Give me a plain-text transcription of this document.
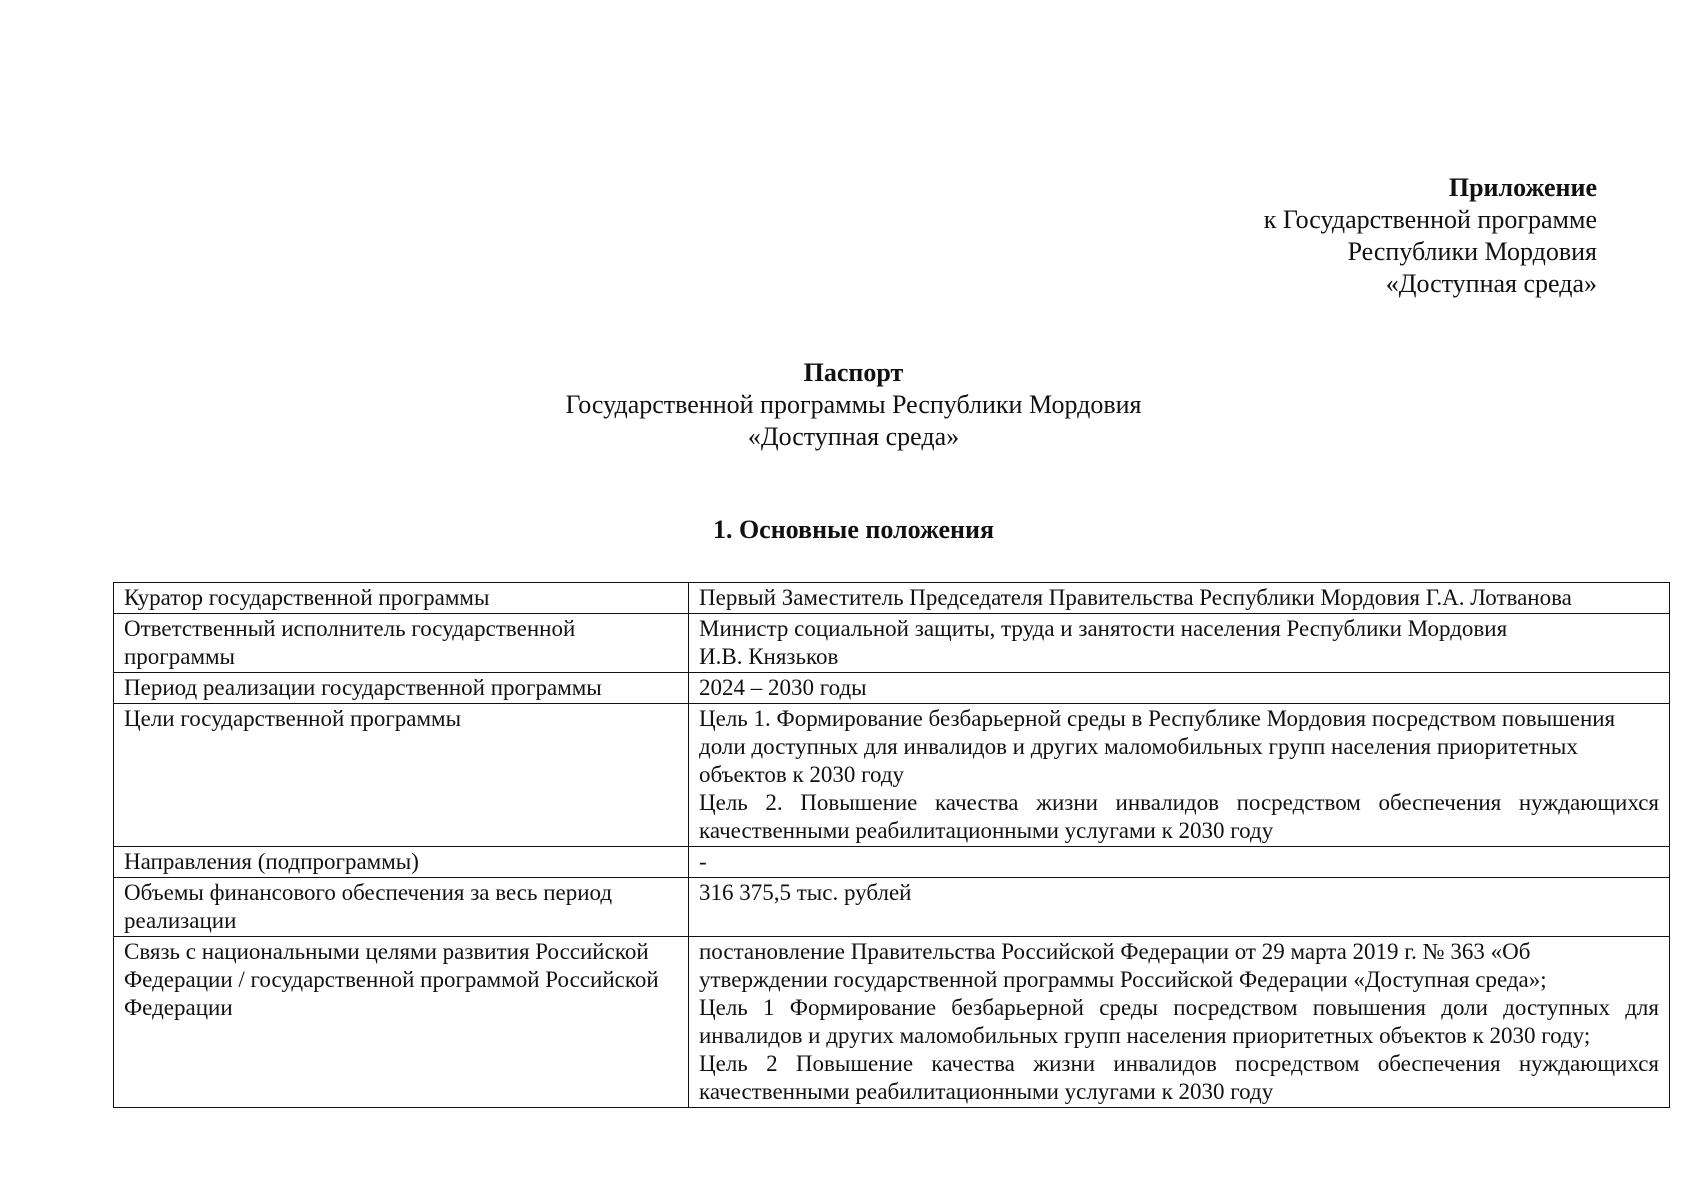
Приложение
к Государственной программе
Республики Мордовия
«Доступная среда»
Паспорт
Государственной программы Республики Мордовия
«Доступная среда»
1. Основные положения
Куратор государственной программы	Первый Заместитель Председателя Правительства Республики Мордовия Г.А. Лотванова

Ответственный исполнитель государственной программы	Министр социальной защиты, труда и занятости населения Республики Мордовия
И.В. Князьков

Период реализации государственной программы	2024 – 2030 годы

Цели государственной программы	Цель 1. Формирование безбарьерной среды в Республике Мордовия посредством повышения доли доступных для инвалидов и других маломобильных групп населения приоритетных объектов к 2030 году
Цель 2. Повышение качества жизни инвалидов посредством обеспечения нуждающихся качественными реабилитационными услугами к 2030 году

Направления (подпрограммы)	-

Объемы финансового обеспечения за весь период реализации	316 375,5 тыс. рублей

Связь с национальными целями развития Российской Федерации / государственной программой Российской Федерации	постановление Правительства Российской Федерации от 29 марта 2019 г. № 363 «Об утверждении государственной программы Российской Федерации «Доступная среда»;
Цель 1 Формирование безбарьерной среды посредством повышения доли доступных для инвалидов и других маломобильных групп населения приоритетных объектов к 2030 году;
Цель 2 Повышение качества жизни инвалидов посредством обеспечения нуждающихся качественными реабилитационными услугами к 2030 году
